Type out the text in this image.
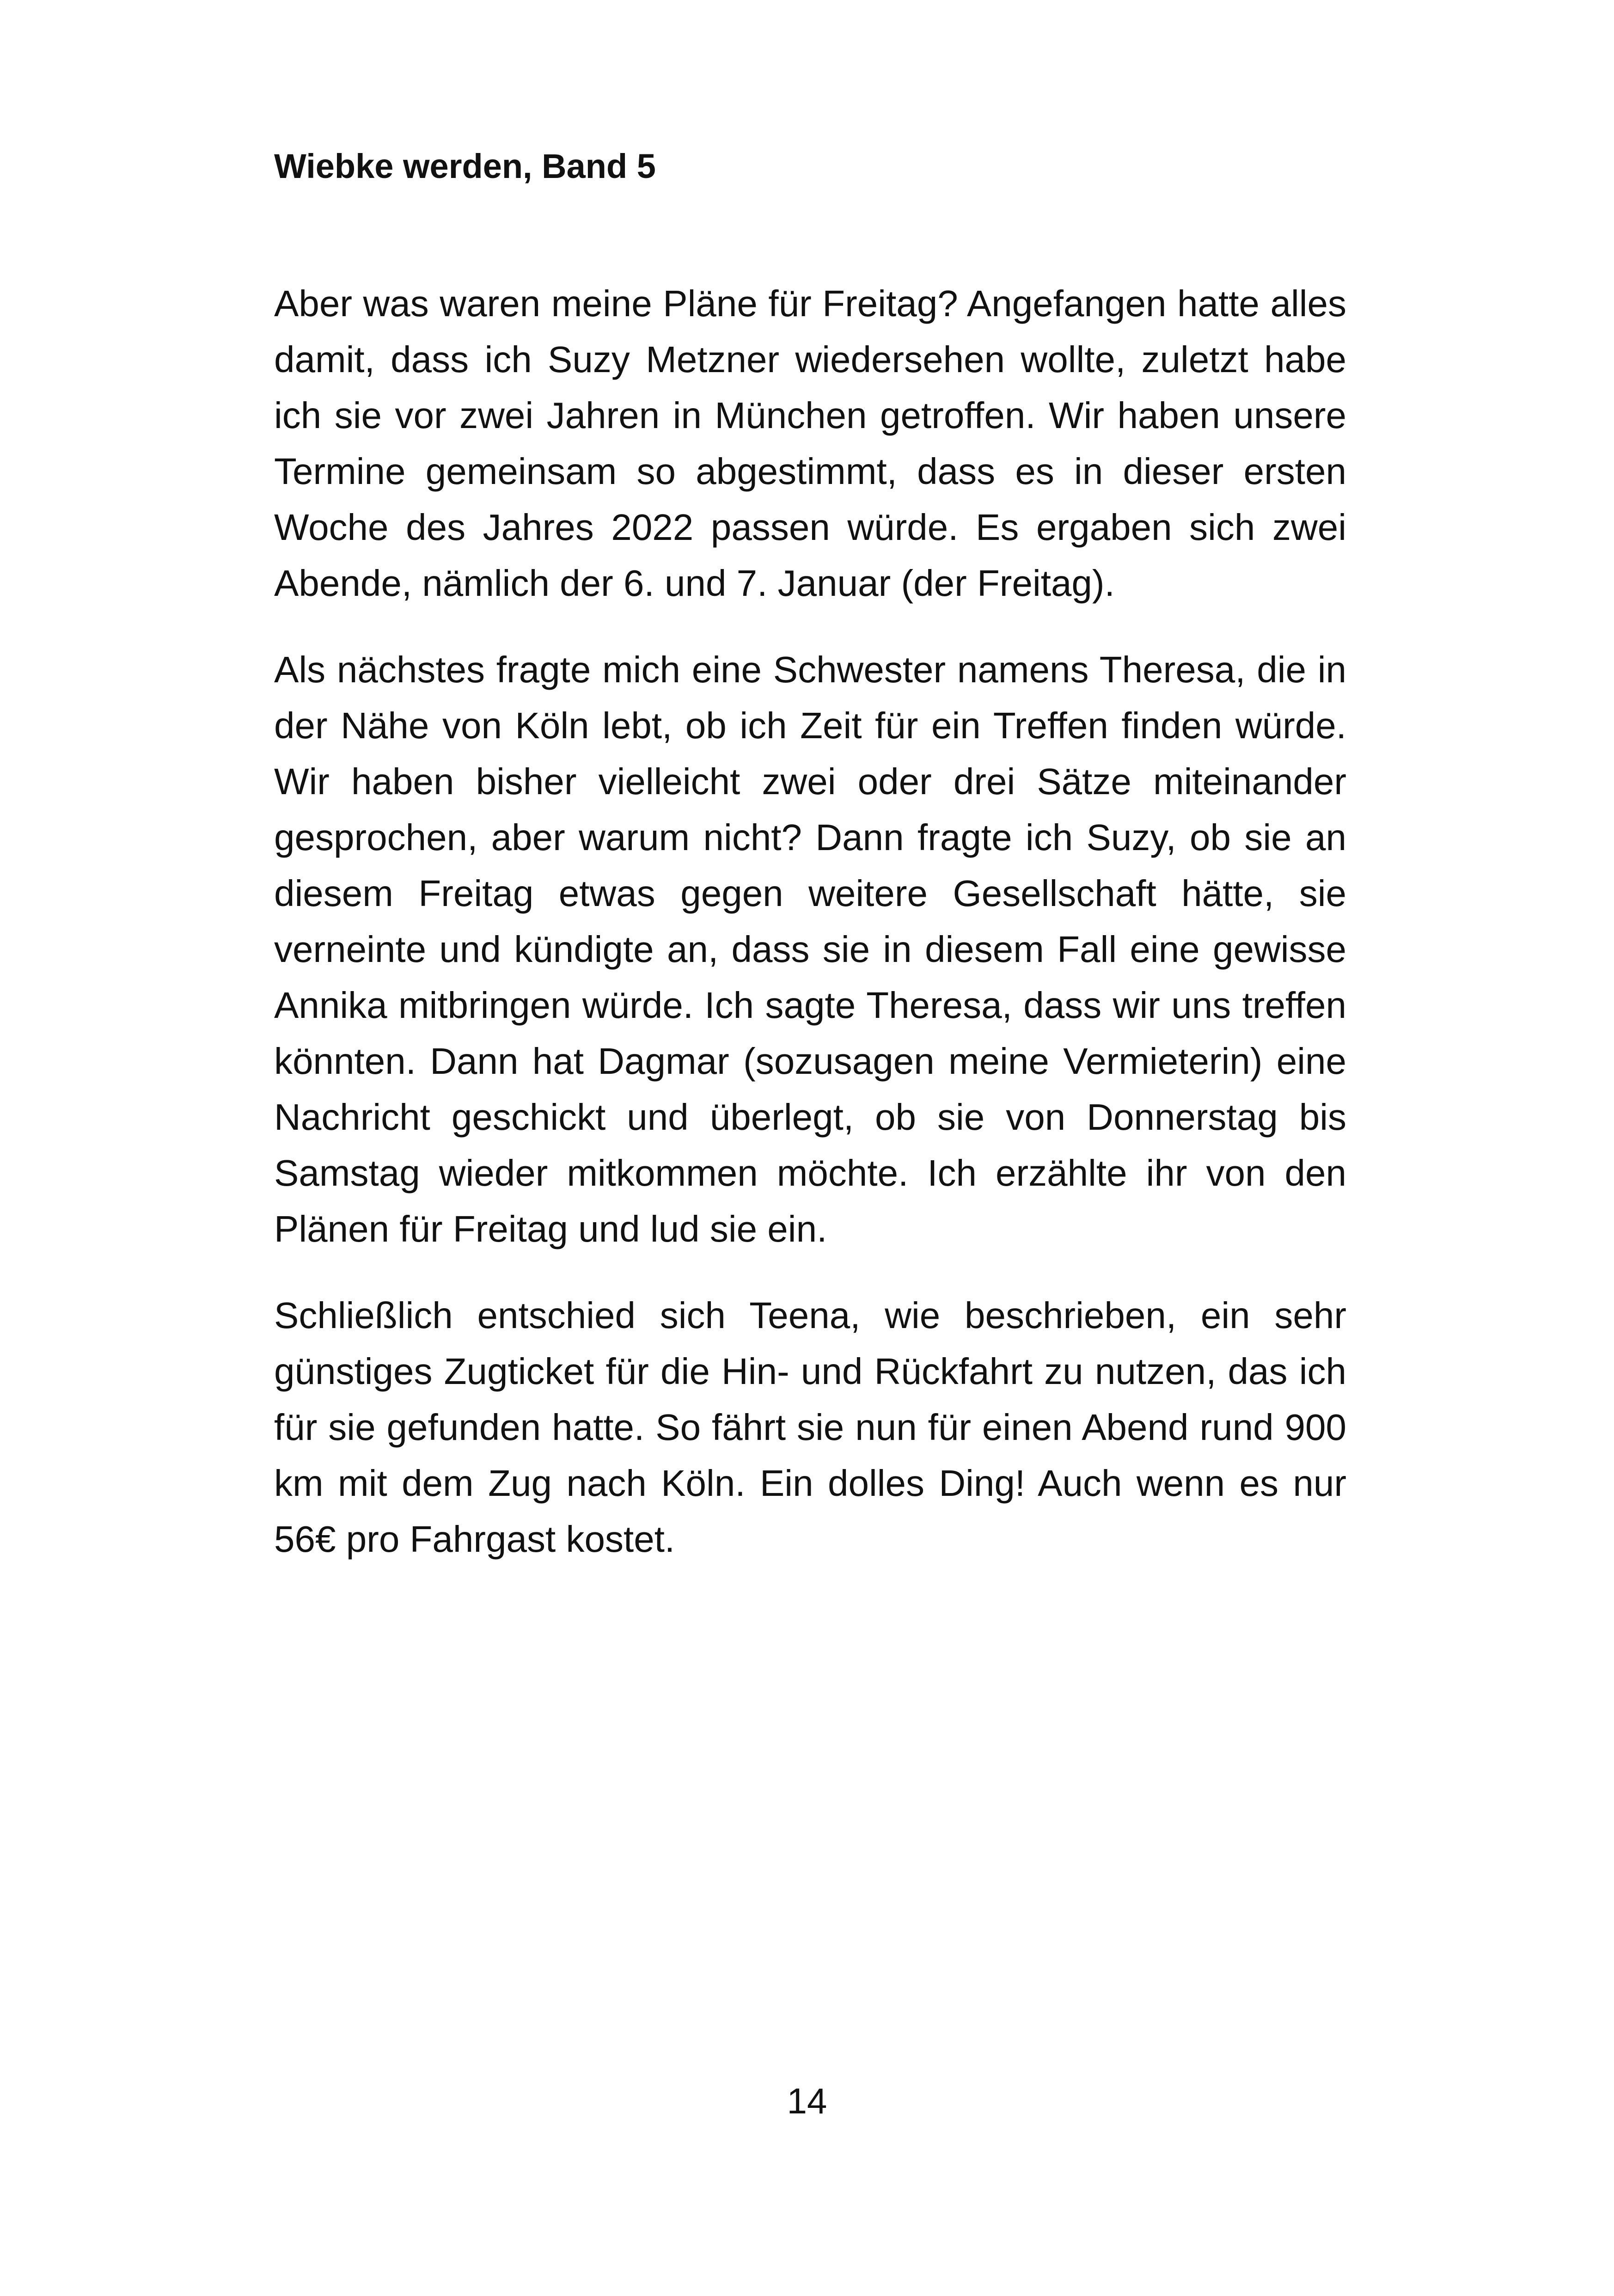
Wiebke werden, Band 5

Aber was waren meine Pläne für Freitag? Angefangen hatte alles damit, dass ich Suzy Metzner wiedersehen wollte, zuletzt habe ich sie vor zwei Jahren in München getroffen. Wir haben unsere Termine gemeinsam so abgestimmt, dass es in dieser ersten Woche des Jahres 2022 passen würde. Es ergaben sich zwei Abende, nämlich der 6. und 7. Januar (der Freitag).

Als nächstes fragte mich eine Schwester namens Theresa, die in der Nähe von Köln lebt, ob ich Zeit für ein Treffen finden würde. Wir haben bisher vielleicht zwei oder drei Sätze miteinander gesprochen, aber warum nicht? Dann fragte ich Suzy, ob sie an diesem Freitag etwas gegen weitere Gesellschaft hätte, sie verneinte und kündigte an, dass sie in diesem Fall eine gewisse Annika mitbringen würde. Ich sagte Theresa, dass wir uns treffen könnten. Dann hat Dagmar (sozusagen meine Vermieterin) eine Nachricht geschickt und überlegt, ob sie von Donnerstag bis Samstag wieder mitkommen möchte. Ich erzählte ihr von den Plänen für Freitag und lud sie ein.

Schließlich entschied sich Teena, wie beschrieben, ein sehr günstiges Zugticket für die Hin- und Rückfahrt zu nutzen, das ich für sie gefunden hatte. So fährt sie nun für einen Abend rund 900 km mit dem Zug nach Köln. Ein dolles Ding! Auch wenn es nur 56€ pro Fahrgast kostet.

14
